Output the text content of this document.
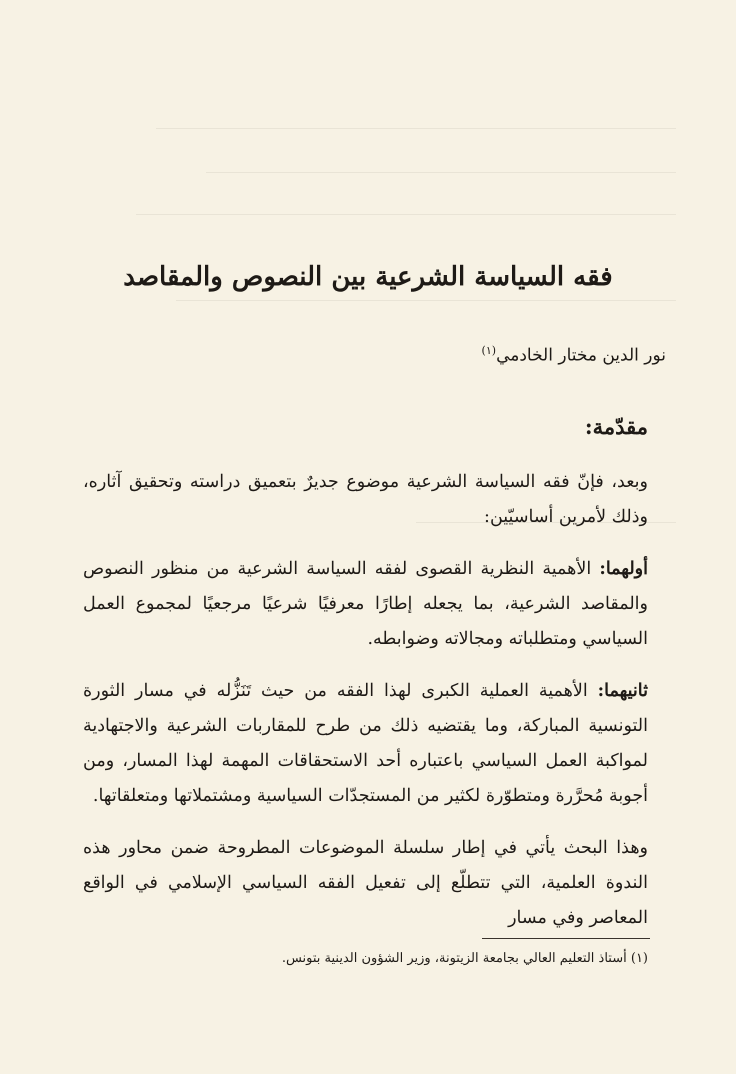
فقه السياسة الشرعية بين النصوص والمقاصد
نور الدين مختار الخادمي$^{(١)}$
مقدّمة:

وبعد، فإنّ فقه السياسة الشرعية موضوع جديرٌ بتعميق دراسته وتحقيق آثاره، وذلك لأمرين أساسيّين:

أولهما: الأهمية النظرية القصوى لفقه السياسة الشرعية من منظور النصوص والمقاصد الشرعية، بما يجعله إطارًا معرفيًا شرعيًا مرجعيًا لمجموع العمل السياسي ومتطلباته ومجالاته وضوابطه.

ثانيهما: الأهمية العملية الكبرى لهذا الفقه من حيث تَنَزُّله في مسار الثورة التونسية المباركة، وما يقتضيه ذلك من طرح للمقاربات الشرعية والاجتهادية لمواكبة العمل السياسي باعتباره أحد الاستحقاقات المهمة لهذا المسار، ومن أجوبة مُحرَّرة ومتطوّرة لكثير من المستجدّات السياسية ومشتملاتها ومتعلقاتها.

وهذا البحث يأتي في إطار سلسلة الموضوعات المطروحة ضمن محاور هذه الندوة العلمية، التي تتطلّع إلى تفعيل الفقه السياسي الإسلامي في الواقع المعاصر وفي مسار

(١) أستاذ التعليم العالي بجامعة الزيتونة، وزير الشؤون الدينية بتونس.
